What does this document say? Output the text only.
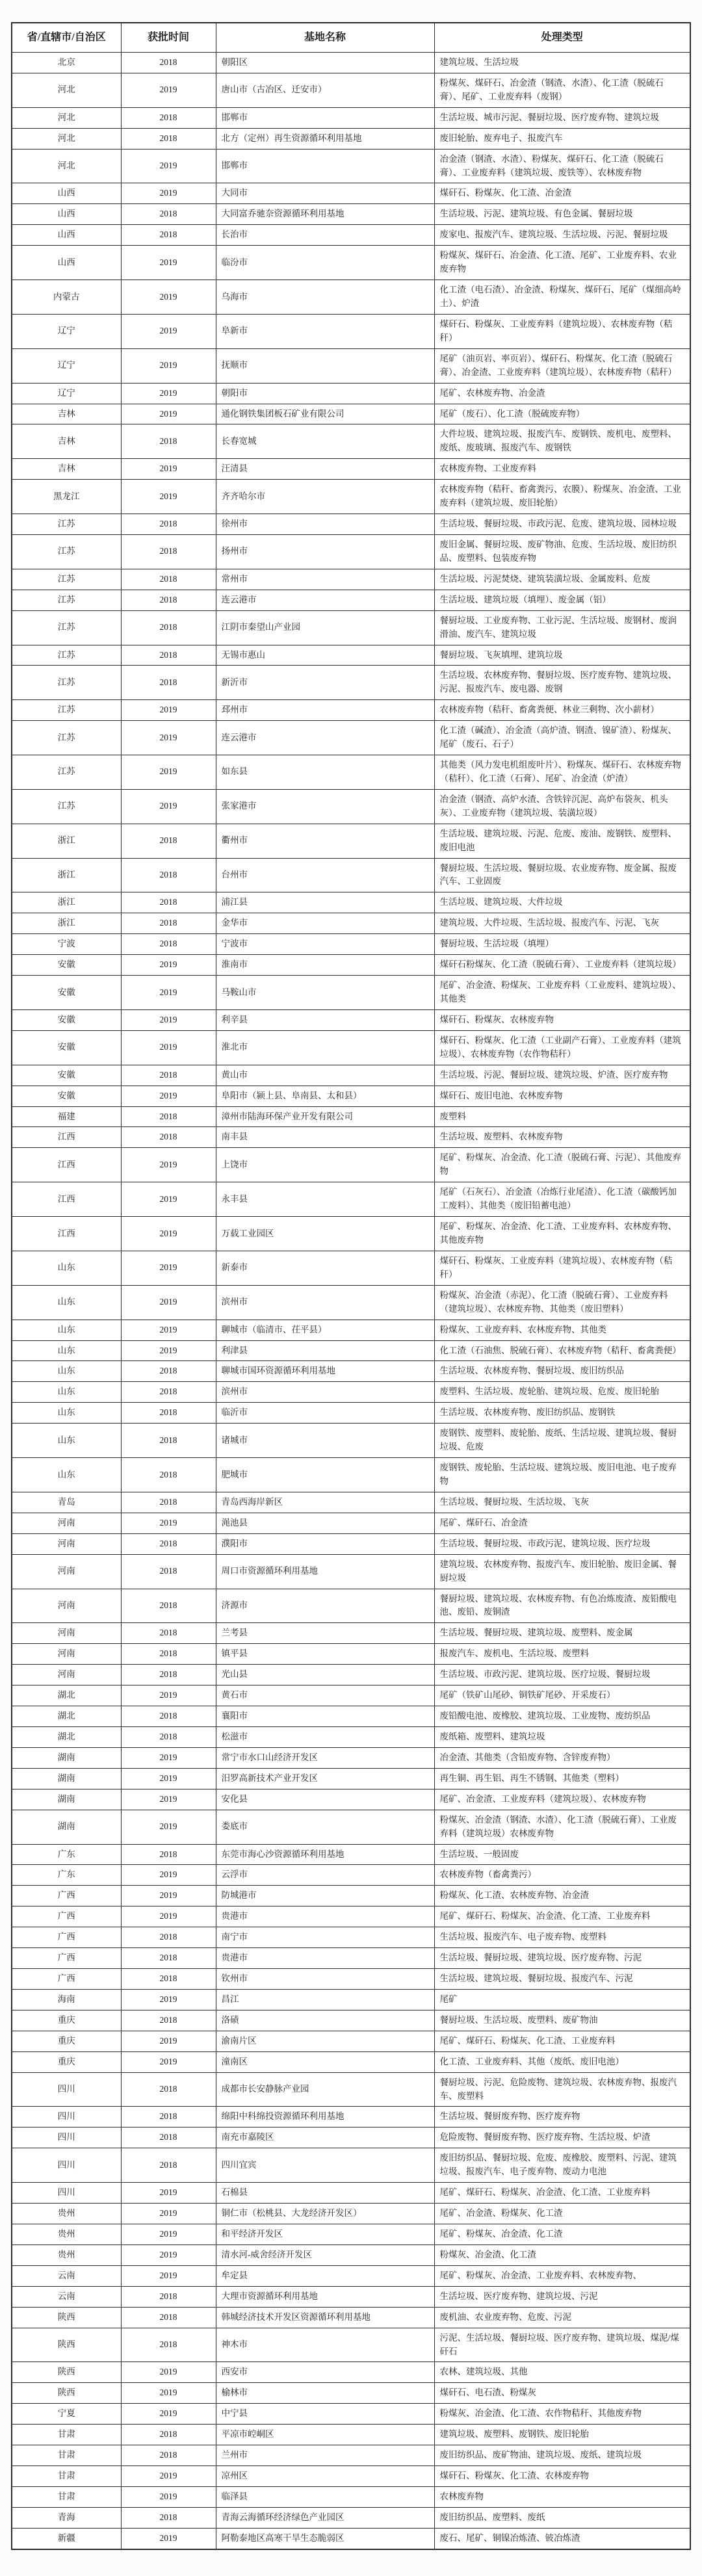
省/直辖市/自治区	获批时间	基地名称	处理类型
北京	2018	朝阳区	建筑垃圾、生活垃圾
河北	2019	唐山市（古冶区、迁安市）	粉煤灰、煤矸石、冶金渣（钢渣、水渣）、化工渣（脱硫石膏）、尾矿、工业废弃料（废钢）
河北	2018	邯郸市	生活垃圾、城市污泥、餐厨垃圾、医疗废弃物、建筑垃圾
河北	2018	北方（定州）再生资源循环利用基地	废旧轮胎、废弃电子、报废汽车
河北	2019	邯郸市	冶金渣（钢渣、水渣）、粉煤灰、煤矸石、化工渣（脱硫石膏）、工业废弃料（建筑垃圾、废铁等）、农林废弃物
山西	2019	大同市	煤矸石、粉煤灰、化工渣、冶金渣
山西	2018	大同富乔驰奈资源循环利用基地	生活垃圾、污泥、建筑垃圾、有色金属、餐厨垃圾
山西	2018	长治市	废家电、报废汽车、建筑垃圾、生活垃圾、污泥、餐厨垃圾
山西	2019	临汾市	粉煤灰、煤矸石、冶金渣、化工渣、尾矿、工业废弃料、农业废弃物
内蒙古	2019	乌海市	化工渣（电石渣）、冶金渣、粉煤灰、煤矸石、尾矿（煤细高岭土）、炉渣
辽宁	2019	阜新市	煤矸石、粉煤灰、工业废弃料（建筑垃圾）、农林废弃物（秸秆）
辽宁	2019	抚顺市	尾矿（油页岩、率页岩）、煤矸石、粉煤灰、化工渣（脱硫石膏）、冶金渣、工业废弃料（建筑垃圾）、农林废弃物（秸秆）
辽宁	2019	朝阳市	尾矿、农林废弃物、冶金渣
吉林	2019	通化钢铁集团板石矿业有限公司	尾矿（废石）、化工渣（脱硫废弃物）
吉林	2018	长春宽城	大件垃圾、建筑垃圾、报废汽车、废钢铁、废机电、废塑料、废纸、废玻璃、报废汽车、废钢铁
吉林	2019	汪清县	农林废弃物、工业废弃料
黑龙江	2019	齐齐哈尔市	农林废弃物（秸秆、畜禽粪污、农膜）、粉煤灰、冶金渣、工业废弃料（建筑垃圾、废旧轮胎）
江苏	2018	徐州市	生活垃圾、餐厨垃圾、市政污泥、危废、建筑垃圾、园林垃圾
江苏	2018	扬州市	废旧金属、餐厨垃圾、废矿物油、危废、生活垃圾、废旧纺织品、废塑料、包装废弃物
江苏	2018	常州市	生活垃圾、污泥焚烧、建筑装潢垃圾、金属废料、危废
江苏	2018	连云港市	生活垃圾、建筑垃圾（填埋）、废金属（铝）
江苏	2018	江阴市秦望山产业园	餐厨垃圾、工业废弃物、工业污泥、生活垃圾、废钢材、废润滑油、废汽车、建筑垃圾
江苏	2018	无锡市惠山	餐厨垃圾、飞灰填埋、建筑垃圾
江苏	2018	新沂市	生活垃圾、农林废弃物、餐厨垃圾、医疗废弃物、建筑垃圾、污泥、报废汽车、废电器、废钢
江苏	2019	邳州市	农林废弃物（秸秆、畜禽粪便、林业三剩物、次小薪材）
江苏	2019	连云港市	化工渣（碱渣）、冶金渣（高炉渣、钢渣、镍矿渣）、粉煤灰、尾矿（废石、石子）
江苏	2019	如东县	其他类（风力发电机组废叶片）、粉煤灰、煤矸石、农林废弃物（秸秆）、化工渣（石膏）、尾矿、冶金渣（炉渣）
江苏	2019	张家港市	冶金渣（钢渣、高炉水渣、含铁锌沉泥、高炉布袋灰、机头灰）、工业废弃物（建筑垃圾、装潢垃圾）
浙江	2018	衢州市	生活垃圾、建筑垃圾、污泥、危废、废油、废钢铁、废塑料、废旧电池
浙江	2018	台州市	餐厨垃圾、生活垃圾、餐厨垃圾、农业废弃物、废金属、报废汽车、工业固废
浙江	2018	浦江县	生活垃圾、建筑垃圾、大件垃圾
浙江	2018	金华市	建筑垃圾、大件垃圾、生活垃圾、报废汽车、污泥、飞灰
宁波	2018	宁波市	餐厨垃圾、生活垃圾（填埋）
安徽	2019	淮南市	煤矸石粉煤灰、化工渣（脱硫石膏）、工业废弃料（建筑垃圾）
安徽	2019	马鞍山市	尾矿、冶金渣、粉煤灰、工业废弃料（工业废料、建筑垃圾）、其他类
安徽	2019	利辛县	煤矸石、粉煤灰、农林废弃物
安徽	2019	淮北市	煤矸石、粉煤灰、化工渣（工业副产石膏）、工业废弃料（建筑垃圾）、农林废弃物（农作物秸秆）
安徽	2018	黄山市	生活垃圾、污泥、餐厨垃圾、建筑垃圾、炉渣、医疗废弃物
安徽	2019	阜阳市（颍上县、阜南县、太和县）	煤矸石、废旧电池、农林废弃物
福建	2018	漳州市陆海环保产业开发有限公司	废塑料
江西	2018	南丰县	生活垃圾、废塑料、农林废弃物
江西	2019	上饶市	尾矿、粉煤灰、冶金渣、化工渣（脱硫石膏、污泥）、其他废弃物
江西	2019	永丰县	尾矿（石灰石）、冶金渣（冶炼行业尾渣）、化工渣（碳酸钙加工废料）、其他类（废旧铅蓄电池）
江西	2019	万载工业园区	尾矿、粉煤灰、冶金渣、化工渣、工业废弃料、农林废弃物、其他废弃物
山东	2019	新泰市	煤矸石、粉煤灰、工业废弃料（建筑垃圾）、农林废弃物（秸秆）
山东	2019	滨州市	粉煤灰、冶金渣（赤泥）、化工渣（脱硫石膏）、工业废弃料（建筑垃圾）、农林废弃物、其他类（废旧塑料）
山东	2019	聊城市（临清市、茌平县）	粉煤灰、工业废弃料、农林废弃物、其他类
山东	2019	利津县	化工渣（石油焦、脱硫石膏）、农林废弃物（秸秆、畜禽粪便）
山东	2018	聊城市国环资源循环利用基地	生活垃圾、农林废弃物、餐厨垃圾、废旧纺织品
山东	2018	滨州市	废塑料、生活垃圾、废轮胎、建筑垃圾、危废、废旧轮胎
山东	2018	临沂市	生活垃圾、农林废弃物、废旧纺织品、废钢铁
山东	2018	诸城市	废钢铁、废塑料、废轮胎、废纸、生活垃圾、建筑垃圾、餐厨垃圾、危废
山东	2018	肥城市	废钢铁、废轮胎、生活垃圾、建筑垃圾、废旧电池、电子废弃物
青岛	2018	青岛西海岸新区	生活垃圾、餐厨垃圾、生活垃圾、飞灰
河南	2019	渑池县	尾矿、煤矸石、冶金渣
河南	2018	濮阳市	生活垃圾、餐厨垃圾、市政污泥、建筑垃圾、医疗垃圾
河南	2018	周口市资源循环利用基地	建筑垃圾、农林废弃物、报废汽车、废旧轮胎、废旧金属、餐厨垃圾
河南	2018	济源市	餐厨垃圾、建筑垃圾、农林废弃物、有色冶炼废渣、废铅酸电池、废铅、废铜渣
河南	2018	兰考县	生活垃圾、餐厨垃圾、建筑垃圾、废塑料、废金属
河南	2018	镇平县	报废汽车、废机电、生活垃圾、废塑料
河南	2018	光山县	生活垃圾、市政污泥、建筑垃圾、医疗垃圾、餐厨垃圾
湖北	2019	黄石市	尾矿（铁矿山尾砂、铜铁矿尾砂、开采废石）
湖北	2018	襄阳市	废铅酸电池、废橡胶、建筑垃圾、工业废物、废纺织品
湖北	2018	松滋市	废纸箱、废塑料、建筑垃圾
湖南	2019	常宁市水口山经济开发区	冶金渣、其他类（含铅废弃物、含锌废弃物）
湖南	2019	汨罗高新技术产业开发区	再生铜、再生铝、再生不锈钢、其他类（塑料）
湖南	2019	安化县	尾矿、冶金渣、工业废弃料（建筑垃圾）、农林废弃物
湖南	2019	娄底市	粉煤灰、冶金渣（钢渣、水渣）、化工渣（脱硫石膏）、工业废弃料（建筑垃圾）农林废弃物
广东	2018	东莞市海心沙资源循环利用基地	生活垃圾、一般固废
广东	2019	云浮市	农林废弃物（畜禽粪污）
广西	2019	防城港市	粉煤灰、化工渣、农林废弃物、冶金渣
广西	2019	贵港市	尾矿、煤矸石、粉煤灰、冶金渣、化工渣、工业废弃料
广西	2018	南宁市	生活垃圾、报废汽车、电子废弃物、废塑料
广西	2018	贵港市	生活垃圾、餐厨垃圾、建筑垃圾、医疗废弃物、污泥
广西	2018	钦州市	生活垃圾、建筑垃圾、餐厨垃圾、报废汽车、污泥
海南	2019	昌江	尾矿
重庆	2018	洛碛	餐厨垃圾、生活垃圾、废塑料、废矿物油
重庆	2019	渝南片区	尾矿、煤矸石、粉煤灰、化工渣、工业废弃料
重庆	2019	潼南区	化工渣、工业废弃料、其他（废纸、废旧电池）
四川	2018	成都市长安静脉产业园	餐厨垃圾、污泥、危险废物、建筑垃圾、农林废弃物、报废汽车、废塑料
四川	2018	绵阳中科绵投资源循环利用基地	生活垃圾、餐厨废弃物、医疗废弃物
四川	2018	南充市嘉陵区	危险废物、餐厨废弃物、医疗废弃物、生活垃圾、炉渣
四川	2018	四川宜宾	废旧纺织品、餐厨垃圾、危废、废橡胶、废塑料、污泥、建筑垃圾、报废汽车、电子废弃物、废动力电池
四川	2019	石棉县	尾矿、煤矸石、粉煤灰、冶金渣、化工渣、工业废弃料
贵州	2019	铜仁市（松桃县、大龙经济开发区）	尾矿、冶金渣、粉煤灰、化工渣
贵州	2019	和平经济开发区	尾矿、粉煤灰、冶金渣、化工渣
贵州	2019	清水河-威舍经济开发区	粉煤灰、冶金渣、化工渣
云南	2019	牟定县	尾矿、粉煤灰、冶金渣、工业废弃料、农林废弃物、
云南	2018	大理市资源循环利用基地	生活垃圾、医疗废弃物、建筑垃圾、污泥
陕西	2018	韩城经济技术开发区资源循环利用基地	废机油、农业废弃物、危废、污泥
陕西	2018	神木市	污泥、生活垃圾、餐厨垃圾、医疗废弃物、建筑垃圾、煤泥/煤矸石
陕西	2019	西安市	农林、建筑垃圾、其他
陕西	2019	榆林市	煤矸石、电石渣、粉煤灰
宁夏	2019	中宁县	粉煤灰、冶金渣、化工渣、农作物秸秆、其他废弃物
甘肃	2018	平凉市崆峒区	建筑垃圾、废塑料、废钢铁、废旧轮胎
甘肃	2018	兰州市	废旧纺织品、废矿物油、建筑垃圾、废纸、建筑垃圾
甘肃	2019	凉州区	煤矸石、粉煤灰、化工渣、农林废弃物
甘肃	2019	临泽县	农林废弃物
青海	2018	青海云海循环经济绿色产业园区	废旧纺织品、废塑料、废纸
新疆	2019	阿勒泰地区高寒干旱生态脆弱区	废石、尾矿、铜镍冶炼渣、铍冶炼渣
